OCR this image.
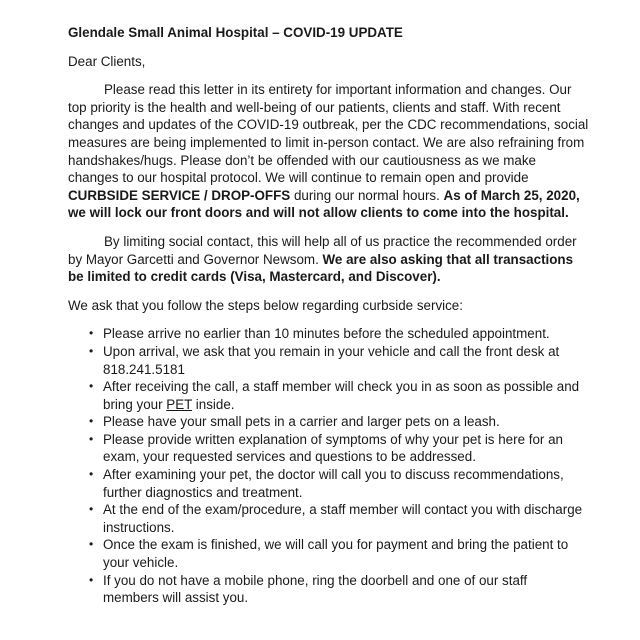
Glendale Small Animal Hospital – COVID-19 UPDATE
Dear Clients,
Please read this letter in its entirety for important information and changes. Our
top priority is the health and well-being of our patients, clients and staff. With recent
changes and updates of the COVID-19 outbreak, per the CDC recommendations, social
measures are being implemented to limit in-person contact. We are also refraining from
handshakes/hugs. Please don’t be offended with our cautiousness as we make
changes to our hospital protocol. We will continue to remain open and provide
CURBSIDE SERVICE / DROP-OFFS during our normal hours. As of March 25, 2020,
we will lock our front doors and will not allow clients to come into the hospital.
By limiting social contact, this will help all of us practice the recommended order
by Mayor Garcetti and Governor Newsom. We are also asking that all transactions
be limited to credit cards (Visa, Mastercard, and Discover).
We ask that you follow the steps below regarding curbside service:
• Please arrive no earlier than 10 minutes before the scheduled appointment.
• Upon arrival, we ask that you remain in your vehicle and call the front desk at
818.241.5181
• After receiving the call, a staff member will check you in as soon as possible and
bring your PET inside.
• Please have your small pets in a carrier and larger pets on a leash.
• Please provide written explanation of symptoms of why your pet is here for an
exam, your requested services and questions to be addressed.
• After examining your pet, the doctor will call you to discuss recommendations,
further diagnostics and treatment.
• At the end of the exam/procedure, a staff member will contact you with discharge
instructions.
• Once the exam is finished, we will call you for payment and bring the patient to
your vehicle.
• If you do not have a mobile phone, ring the doorbell and one of our staff
members will assist you.
